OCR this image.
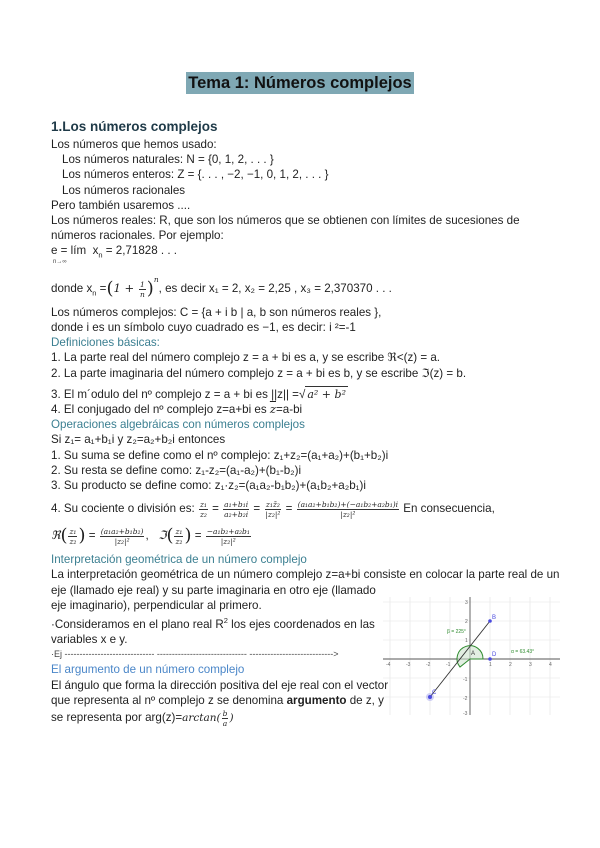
Tema 1: Números complejos
1.Los números complejos
Los números que hemos usado:
Los números naturales: N = {0, 1, 2, . . . }
Los números enteros: Z = {. . . , −2, −1, 0, 1, 2, . . . }
Los números racionales
Pero también usaremos ....
Los números reales: R, que son los números que se obtienen con límites de sucesiones de números racionales. Por ejemplo:
e = lím
n→∞
$x_n = 2,71828$ . . .
donde $x_n =(1 + \frac{1}{n} )^n$, es decir x₁ = 2, x₂ = 2,25 , x₃ = 2,370370 . . .
Los números complejos: C = {a + i b | a, b son números reales },
donde i es un símbolo cuyo cuadrado es −1, es decir: i ²=-1
Definiciones básicas:
1. La parte real del número complejo z = a + bi es a, y se escribe ℜ<(z) = a.
2. La parte imaginaria del número complejo z = a + bi es b, y se escribe ℑ(z) = b.
3. El m´odulo del nº complejo z = a + bi es ||z|| =√ a² + b²
4. El conjugado del nº complejo z=a+bi es $\overline{z}=a-bi$
Operaciones algebráicas con números complejos
Si z₁= a₁+b₁i y z₂=a₂+b₂i entonces
1. Su suma se define como el nº complejo: z₁+z₂=(a₁+a₂)+(b₁+b₂)i
2. Su resta se define como: z₁-z₂=(a₁-a₂)+(b₁-b₂)i
3. Su producto se define como: z₁·z₂=(a₁a₂-b₁b₂)+(a₁b₂+a₂b₁)i
4. Su cociente o división es: $\frac{\text{z₁}}{\text{z₂}} = \frac{\text{a₁+b₁i}}{\text{a₂+b₂i}} = \frac{\text{z₁z̄₂}}{\text{|z₂|²}} = \frac{\text{(a₁a₂+b₁b₂)+(−a₁b₂+a₂b₁)i}}{\text{|z₂|²}}$ En consecuencia,
ℜ( $\frac{\text{z₁}}{\text{z₂}}$ ) = $\frac{\text{(a₁a₂+b₁b₂)}}{\text{|z₂|²}}$ , ℑ( $\frac{\text{z₁}}{\text{z₂}}$ ) = $\frac{\text{−a₁b₂+a₂b₁}}{\text{|z₂|²}}$
Interpretación geométrica de un número complejo
La interpretación geométrica de un número complejo z=a+bi consiste en colocar la parte real de un
eje (llamado eje real) y su parte imaginaria en otro eje (llamado
eje imaginario), perpendicular al primero.
·Consideramos en el plano real $R^2$ los ejes coordenados en las
variables x e y.
·Ej ------------------------------ ------------------------------ ---------------------------->
El argumento de un número complejo
El ángulo que forma la dirección positiva del eje real con el vector
que representa al nº complejo z se denomina argumento de z, y
se representa por $arg(z)=\arctan( \frac{b}{a}$ )
-4	-3	-2	-1	1	2	3	4
3
2
1
-1
-2
-3
B
C
D
A
β = 225°
α = 63.43°
